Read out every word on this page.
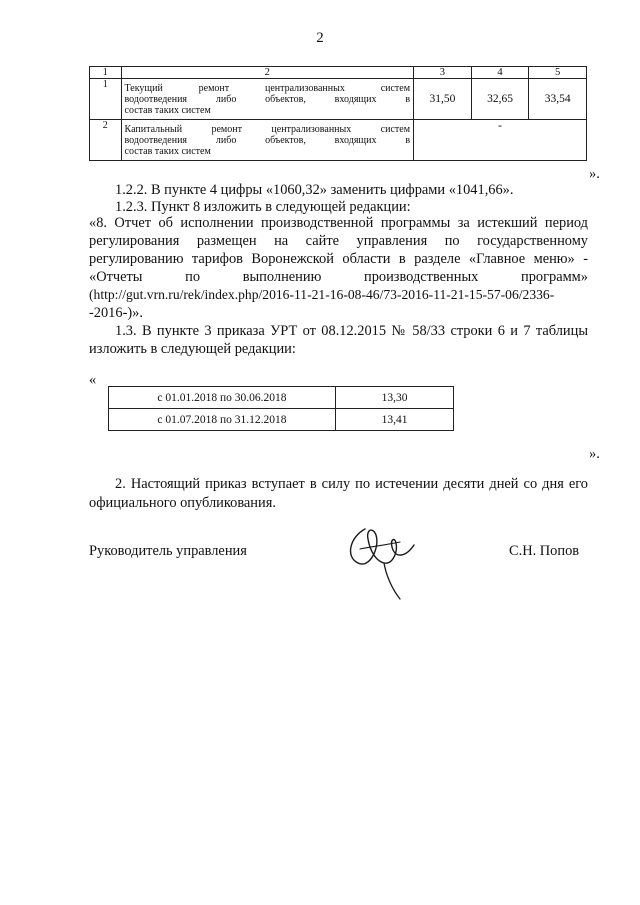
2
1	2	3	4	5
1	Текущий ремонт централизованных систем
водоотведения либо объектов, входящих в
состав таких систем	31,50	32,65	33,54
2	Капитальный ремонт централизованных систем
водоотведения либо объектов, входящих в
состав таких систем	-		
».
1.2.2. В пункте 4 цифры «1060,32» заменить цифрами «1041,66».
1.2.3. Пункт 8 изложить в следующей редакции:
«8. Отчет об исполнении производственной программы за истекший период
регулирования размещен на сайте управления по государственному
регулированию тарифов Воронежской области в разделе «Главное меню» -
«Отчеты по выполнению производственных программ»
(http://gut.vrn.ru/rek/index.php/2016-11-21-16-08-46/73-2016-11-21-15-57-06/2336-
-2016-)».
1.3. В пункте 3 приказа УРТ от 08.12.2015 № 58/33 строки 6 и 7 таблицы
изложить в следующей редакции:
«
с 01.01.2018 по 30.06.2018	13,30
с 01.07.2018 по 31.12.2018	13,41
».
2. Настоящий приказ вступает в силу по истечении десяти дней со дня его
официального опубликования.
Руководитель управления	С.Н. Попов
